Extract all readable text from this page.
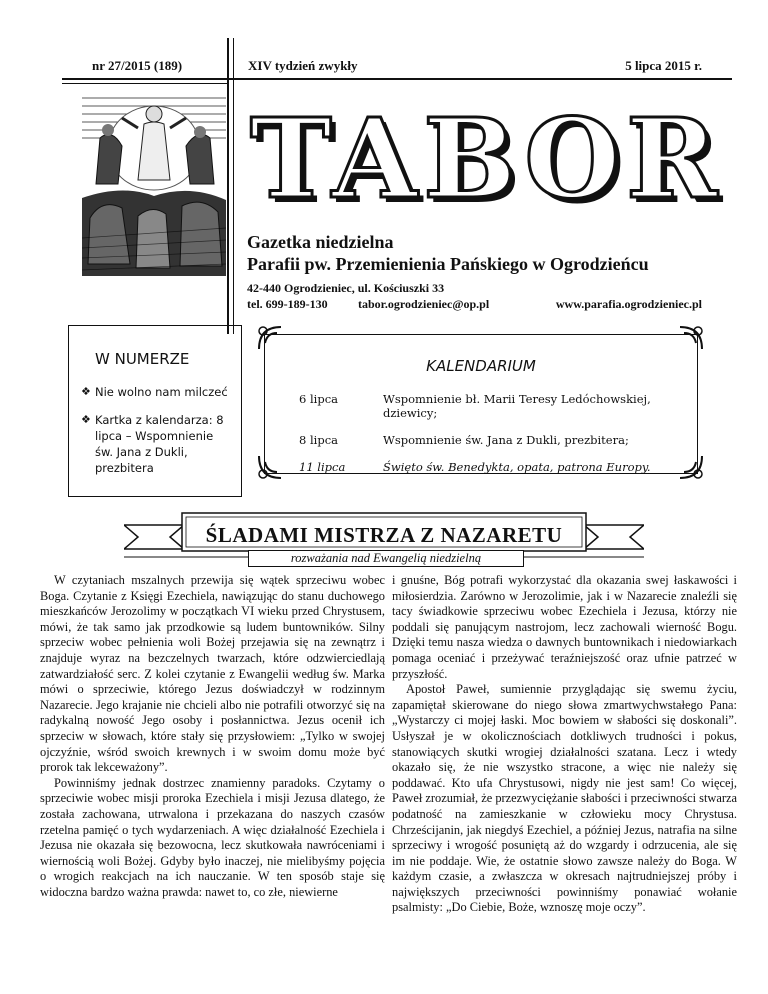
nr 27/2015 (189)	XIV tydzień zwykły	5 lipca 2015 r.
TABOR
Gazetka niedzielna
Parafii pw. Przemienienia Pańskiego w Ogrodzieńcu
42-440 Ogrodzieniec, ul. Kościuszki 33
tel. 699-189-130	tabor.ogrodzieniec@op.pl	www.parafia.ogrodzieniec.pl
W NUMERZE
❖ Nie wolno nam milczeć
❖ Kartka z kalendarza: 8 lipca – Wspomnienie św. Jana z Dukli, prezbitera
KALENDARIUM
6 lipca	Wspomnienie bł. Marii Teresy Ledóchowskiej, dziewicy;
8 lipca	Wspomnienie św. Jana z Dukli, prezbitera;
11 lipca	Święto św. Benedykta, opata, patrona Europy.
ŚLADAMI MISTRZA Z NAZARETU
rozważania nad Ewangelią niedzielną

W czytaniach mszalnych przewija się wątek sprzeciwu wobec Boga. Czytanie z Księgi Ezechiela, nawiązując do stanu duchowego mieszkańców Jerozolimy w początkach VI wieku przed Chrystusem, mówi, że tak samo jak przodkowie są ludem buntowników. Silny sprzeciw wobec pełnienia woli Bożej przejawia się na zewnątrz i znajduje wyraz na bezczelnych twarzach, które odzwierciedlają zatwardziałość serc. Z kolei czytanie z Ewangelii według św. Marka mówi o sprzeciwie, którego Jezus doświadczył w rodzinnym Nazarecie. Jego krajanie nie chcieli albo nie potrafili otworzyć się na radykalną nowość Jego osoby i posłannictwa. Jezus ocenił ich sprzeciw w słowach, które stały się przysłowiem: „Tylko w swojej ojczyźnie, wśród swoich krewnych i w swoim domu może być prorok tak lekceważony”.

Powinniśmy jednak dostrzec znamienny paradoks. Czytamy o sprzeciwie wobec misji proroka Ezechiela i misji Jezusa dlatego, że została zachowana, utrwalona i przekazana do naszych czasów rzetelna pamięć o tych wydarzeniach. A więc działalność Ezechiela i Jezusa nie okazała się bezowocna, lecz skutkowała nawróceniami i wiernością woli Bożej. Gdyby było inaczej, nie mielibyśmy pojęcia o wrogich reakcjach na ich nauczanie. W ten sposób staje się widoczna bardzo ważna prawda: nawet to, co złe, niewierne

i gnuśne, Bóg potrafi wykorzystać dla okazania swej łaskawości i miłosierdzia. Zarówno w Jerozolimie, jak i w Nazarecie znaleźli się tacy świadkowie sprzeciwu wobec Ezechiela i Jezusa, którzy nie poddali się panującym nastrojom, lecz zachowali wierność Bogu. Dzięki temu nasza wiedza o dawnych buntownikach i niedowiarkach pomaga oceniać i przeżywać teraźniejszość oraz ufnie patrzeć w przyszłość.

Apostoł Paweł, sumiennie przyglądając się swemu życiu, zapamiętał skierowane do niego słowa zmartwychwstałego Pana: „Wystarczy ci mojej łaski. Moc bowiem w słabości się doskonali”. Usłyszał je w okolicznościach dotkliwych trudności i pokus, stanowiących skutki wrogiej działalności szatana. Lecz i wtedy okazało się, że nie wszystko stracone, a więc nie należy się poddawać. Kto ufa Chrystusowi, nigdy nie jest sam! Co więcej, Paweł zrozumiał, że przezwyciężanie słabości i przeciwności stwarza podatność na zamieszkanie w człowieku mocy Chrystusa. Chrześcijanin, jak niegdyś Ezechiel, a później Jezus, natrafia na silne sprzeciwy i wrogość posuniętą aż do wzgardy i odrzucenia, ale się im nie poddaje. Wie, że ostatnie słowo zawsze należy do Boga. W każdym czasie, a zwłaszcza w okresach najtrudniejszej próby i największych przeciwności powinniśmy ponawiać wołanie psalmisty: „Do Ciebie, Boże, wznoszę moje oczy”.
